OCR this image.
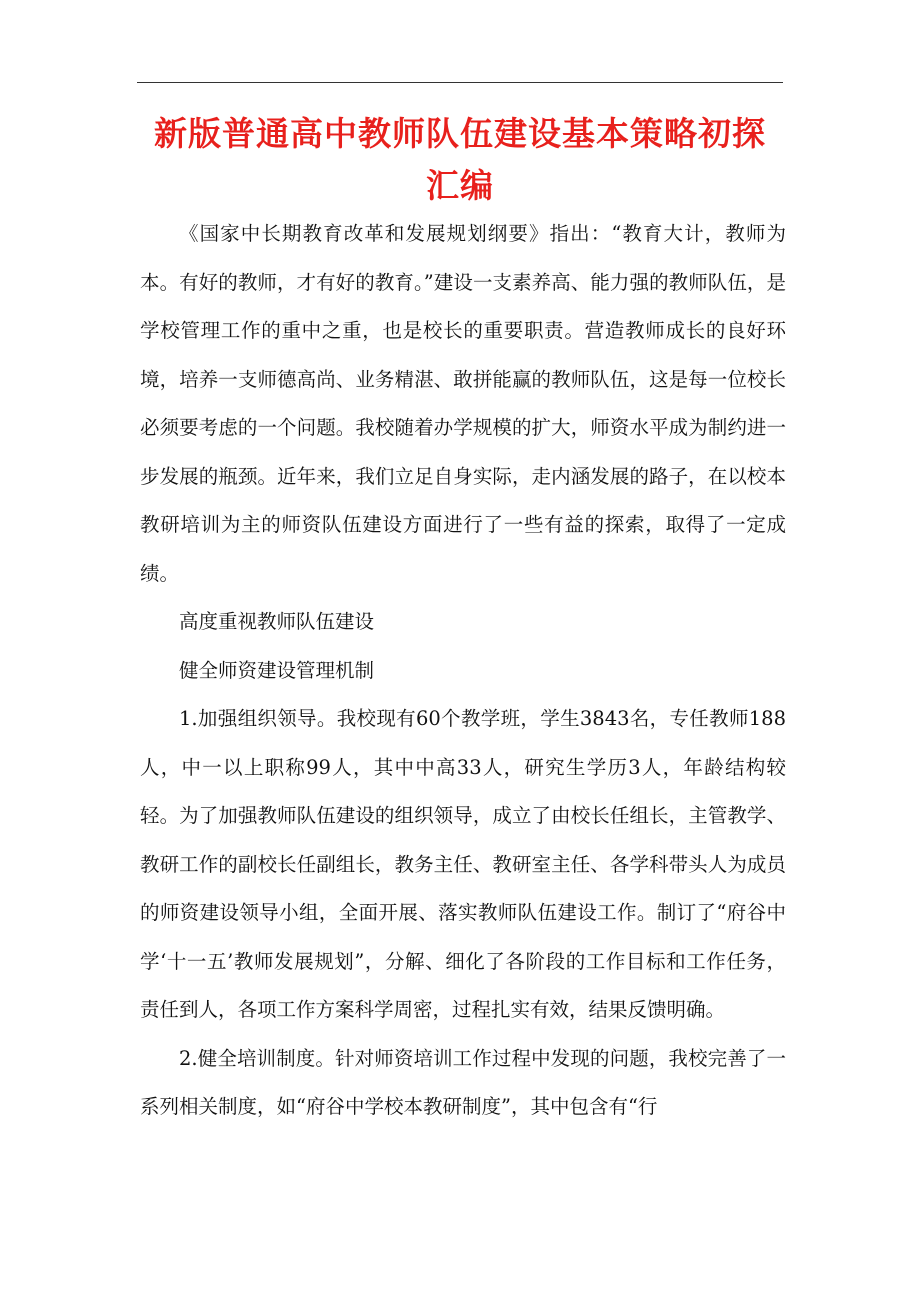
新版普通高中教师队伍建设基本策略初探汇编

《国家中长期教育改革和发展规划纲要》指出：“教育大计，教师为本。有好的教师，才有好的教育。”建设一支素养高、能力强的教师队伍，是学校管理工作的重中之重，也是校长的重要职责。营造教师成长的良好环境，培养一支师德高尚、业务精湛、敢拼能赢的教师队伍，这是每一位校长必须要考虑的一个问题。我校随着办学规模的扩大，师资水平成为制约进一步发展的瓶颈。近年来，我们立足自身实际，走内涵发展的路子，在以校本教研培训为主的师资队伍建设方面进行了一些有益的探索，取得了一定成绩。

高度重视教师队伍建设

健全师资建设管理机制

1.加强组织领导。我校现有60个教学班，学生3843名，专任教师188人，中一以上职称99人，其中中高33人，研究生学历3人，年龄结构较轻。为了加强教师队伍建设的组织领导，成立了由校长任组长，主管教学、教研工作的副校长任副组长，教务主任、教研室主任、各学科带头人为成员的师资建设领导小组，全面开展、落实教师队伍建设工作。制订了“府谷中学‘十一五’教师发展规划”，分解、细化了各阶段的工作目标和工作任务，责任到人，各项工作方案科学周密，过程扎实有效，结果反馈明确。

2.健全培训制度。针对师资培训工作过程中发现的问题，我校完善了一系列相关制度，如“府谷中学校本教研制度”，其中包含有“行
